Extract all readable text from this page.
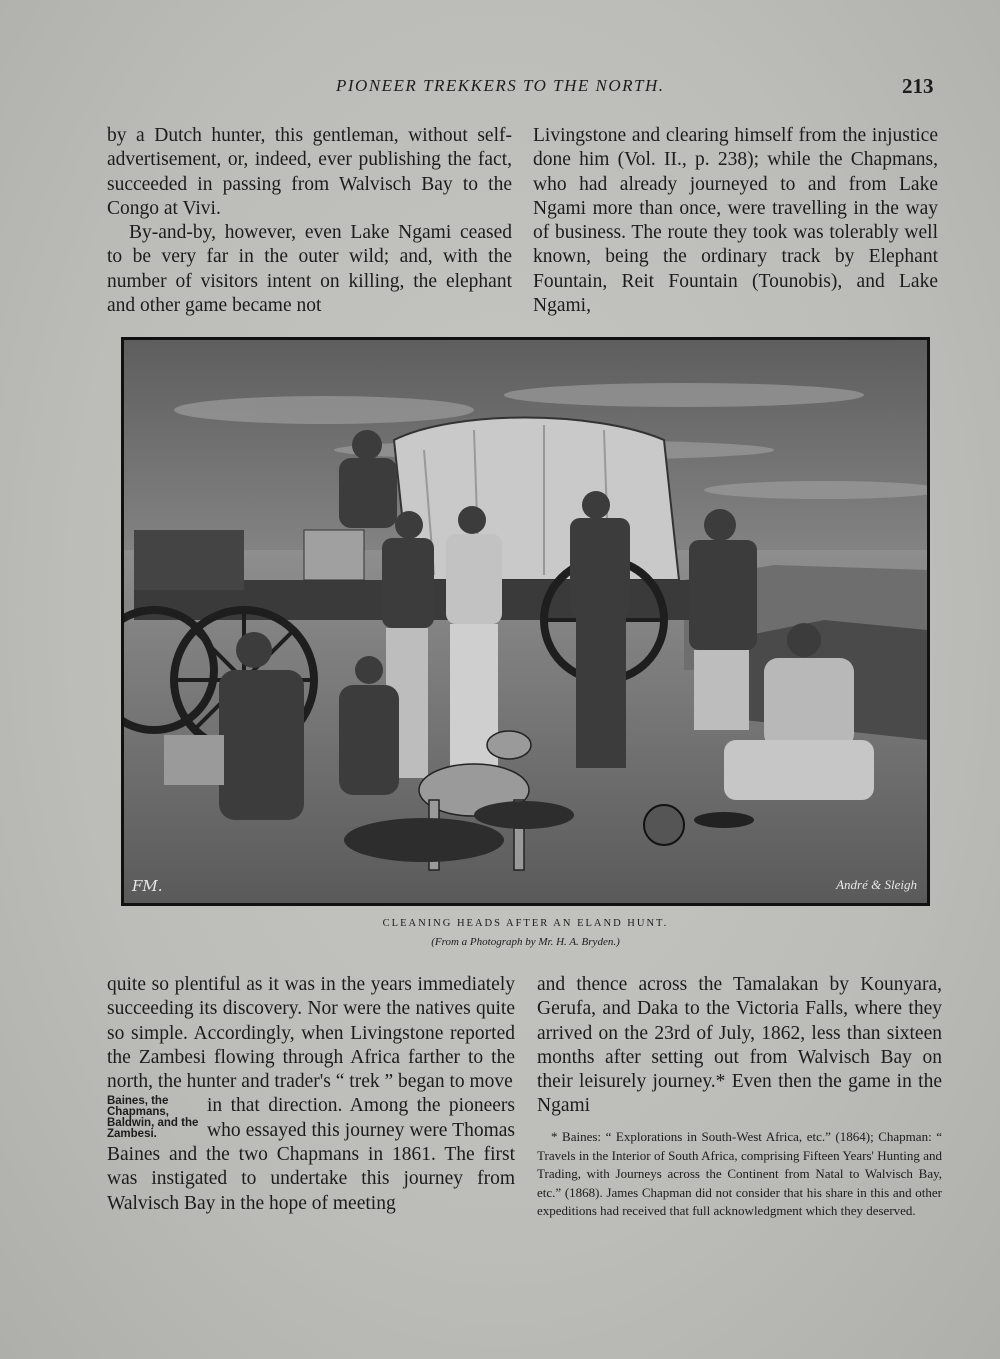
PIONEER TREKKERS TO THE NORTH.	213

by a Dutch hunter, this gentleman, without self-advertisement, or, indeed, ever publishing the fact, succeeded in passing from Walvisch Bay to the Congo at Vivi.

By-and-by, however, even Lake Ngami ceased to be very far in the outer wild; and, with the number of visitors intent on killing, the elephant and other game became not

Livingstone and clearing himself from the injustice done him (Vol. II., p. 238); while the Chapmans, who had already journeyed to and from Lake Ngami more than once, were travelling in the way of business. The route they took was tolerably well known, being the ordinary track by Elephant Fountain, Reit Fountain (Tounobis), and Lake Ngami,

FM.	André & Sleigh
CLEANING HEADS AFTER AN ELAND HUNT.
(From a Photograph by Mr. H. A. Bryden.)

quite so plentiful as it was in the years immediately succeeding its discovery. Nor were the natives quite so simple. Accordingly, when Livingstone reported the Zambesi flowing through Africa farther to the north, the hunter and trader's “ trek ” began to move

Baines, the Chapmans, Baldwin, and the Zambesi.

in that direction. Among the pioneers who essayed this journey were Thomas Baines and the two Chapmans in 1861. The first was instigated to undertake this journey from Walvisch Bay in the hope of meeting

and thence across the Tamalakan by Kounyara, Gerufa, and Daka to the Victoria Falls, where they arrived on the 23rd of July, 1862, less than sixteen months after setting out from Walvisch Bay on their leisurely journey.* Even then the game in the Ngami

* Baines: “ Explorations in South-West Africa, etc.” (1864); Chapman: “ Travels in the Interior of South Africa, comprising Fifteen Years' Hunting and Trading, with Journeys across the Continent from Natal to Walvisch Bay, etc.” (1868). James Chapman did not consider that his share in this and other expeditions had received that full acknowledgment which they deserved.
